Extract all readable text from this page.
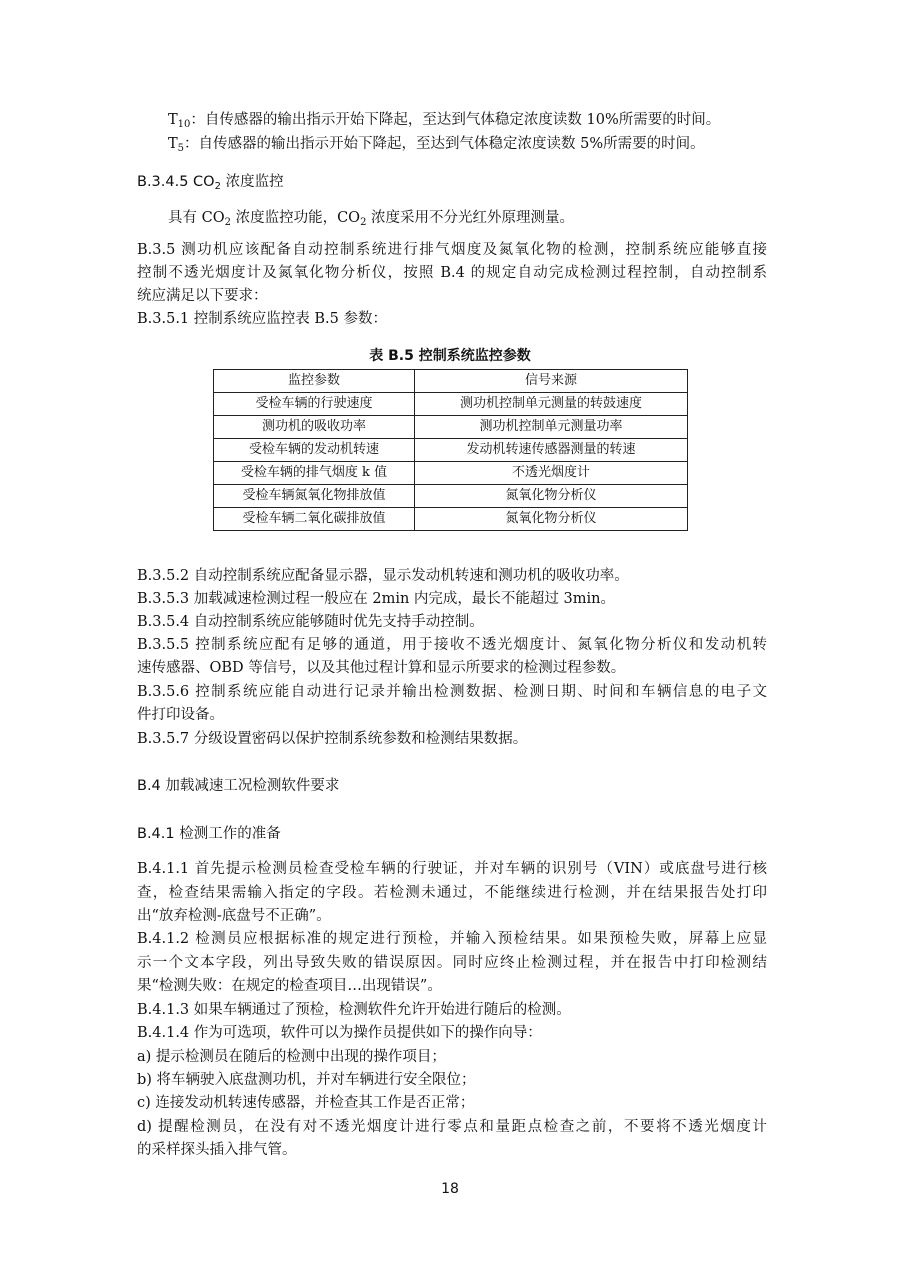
$T_{10}$：自传感器的输出指示开始下降起，至达到气体稳定浓度读数 10%所需要的时间。
$T_5$：自传感器的输出指示开始下降起，至达到气体稳定浓度读数 5%所需要的时间。
B.3.4.5 $CO_2$ 浓度监控
具有 $CO_2$ 浓度监控功能，$CO_2$ 浓度采用不分光红外原理测量。
B.3.5 测功机应该配备自动控制系统进行排气烟度及氮氧化物的检测，控制系统应能够直接
控制不透光烟度计及氮氧化物分析仪，按照 B.4 的规定自动完成检测过程控制，自动控制系
统应满足以下要求：
B.3.5.1 控制系统应监控表 B.5 参数：
表 B.5 控制系统监控参数
监控参数	信号来源
受检车辆的行驶速度	测功机控制单元测量的转鼓速度
测功机的吸收功率	测功机控制单元测量功率
受检车辆的发动机转速	发动机转速传感器测量的转速
受检车辆的排气烟度 k 值	不透光烟度计
受检车辆氮氧化物排放值	氮氧化物分析仪
受检车辆二氧化碳排放值	氮氧化物分析仪
B.3.5.2 自动控制系统应配备显示器，显示发动机转速和测功机的吸收功率。
B.3.5.3 加载减速检测过程一般应在 2min 内完成，最长不能超过 3min。
B.3.5.4 自动控制系统应能够随时优先支持手动控制。
B.3.5.5 控制系统应配有足够的通道，用于接收不透光烟度计、氮氧化物分析仪和发动机转
速传感器、OBD 等信号，以及其他过程计算和显示所要求的检测过程参数。
B.3.5.6 控制系统应能自动进行记录并输出检测数据、检测日期、时间和车辆信息的电子文
件打印设备。
B.3.5.7 分级设置密码以保护控制系统参数和检测结果数据。
B.4 加载减速工况检测软件要求
B.4.1 检测工作的准备
B.4.1.1 首先提示检测员检查受检车辆的行驶证，并对车辆的识别号（VIN）或底盘号进行核
查，检查结果需输入指定的字段。若检测未通过，不能继续进行检测，并在结果报告处打印
出“放弃检测-底盘号不正确”。
B.4.1.2 检测员应根据标准的规定进行预检，并输入预检结果。如果预检失败，屏幕上应显
示一个文本字段，列出导致失败的错误原因。同时应终止检测过程，并在报告中打印检测结
果“检测失败：在规定的检查项目…出现错误”。
B.4.1.3 如果车辆通过了预检，检测软件允许开始进行随后的检测。
B.4.1.4 作为可选项，软件可以为操作员提供如下的操作向导：
a) 提示检测员在随后的检测中出现的操作项目；
b) 将车辆驶入底盘测功机，并对车辆进行安全限位；
c) 连接发动机转速传感器，并检查其工作是否正常；
d) 提醒检测员，在没有对不透光烟度计进行零点和量距点检查之前，不要将不透光烟度计
的采样探头插入排气管。
18
